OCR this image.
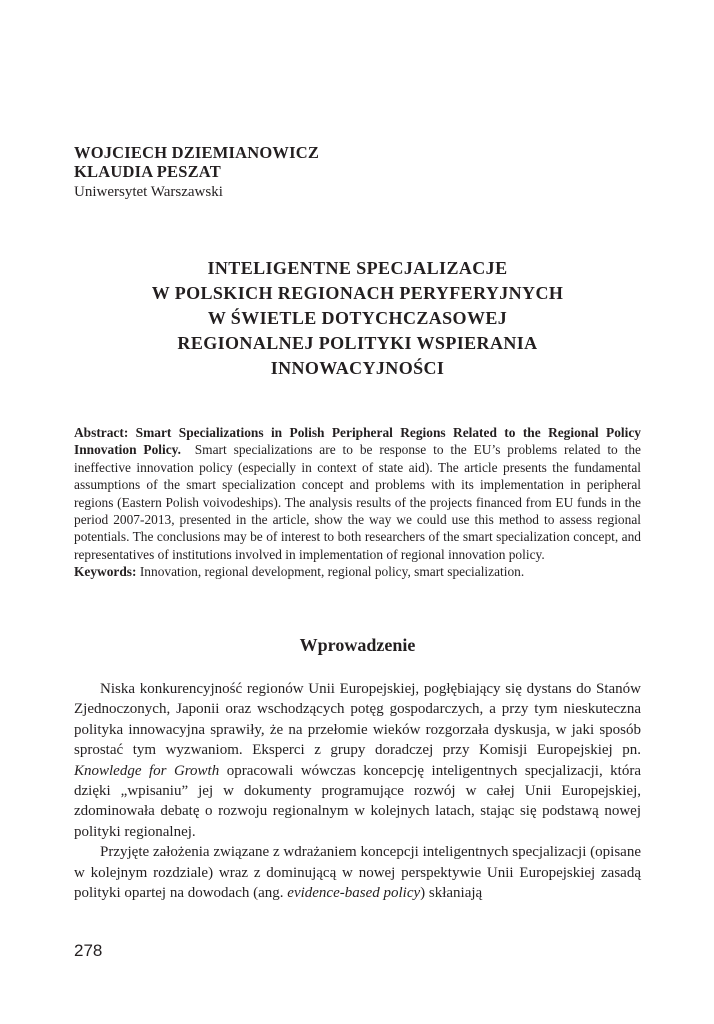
WOJCIECH DZIEMIANOWICZ
KLAUDIA PESZAT
Uniwersytet Warszawski
INTELIGENTNE SPECJALIZACJE
W POLSKICH REGIONACH PERYFERYJNYCH
W ŚWIETLE DOTYCHCZASOWEJ
REGIONALNEJ POLITYKI WSPIERANIA
INNOWACYJNOŚCI

Abstract: Smart Specializations in Polish Peripheral Regions Related to the Regional Policy Innovation Policy. Smart specializations are to be response to the EU’s problems related to the ineffective innovation policy (especially in context of state aid). The article presents the fundamental assumptions of the smart specialization concept and problems with its implementation in peripheral regions (Eastern Polish voivodeships). The analysis results of the projects financed from EU funds in the period 2007-2013, presented in the article, show the way we could use this method to assess regional potentials. The conclusions may be of interest to both researchers of the smart specialization concept, and representatives of institutions involved in implementation of regional innovation policy.

Keywords: Innovation, regional development, regional policy, smart specialization.

Wprowadzenie

Niska konkurencyjność regionów Unii Europejskiej, pogłębiający się dystans do Stanów Zjednoczonych, Japonii oraz wschodzących potęg gospodarczych, a przy tym nieskuteczna polityka innowacyjna sprawiły, że na przełomie wieków rozgorzała dyskusja, w jaki sposób sprostać tym wyzwaniom. Eksperci z grupy doradczej przy Komisji Europejskiej pn. Knowledge for Growth opracowali wówczas koncepcję inteligentnych specjalizacji, która dzięki „wpisaniu” jej w dokumenty programujące rozwój w całej Unii Europejskiej, zdominowała debatę o rozwoju regionalnym w kolejnych latach, stając się podstawą nowej polityki regionalnej.

Przyjęte założenia związane z wdrażaniem koncepcji inteligentnych specjalizacji (opisane w kolejnym rozdziale) wraz z dominującą w nowej perspektywie Unii Europejskiej zasadą polityki opartej na dowodach (ang. evidence-based policy) skłaniają

278
